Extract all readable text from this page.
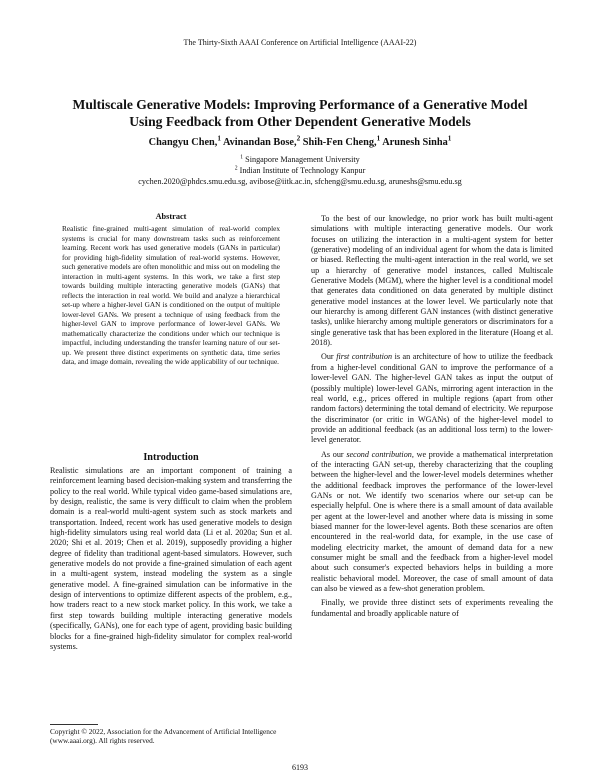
The Thirty-Sixth AAAI Conference on Artificial Intelligence (AAAI-22)
Multiscale Generative Models: Improving Performance of a Generative Model
Using Feedback from Other Dependent Generative Models
Changyu Chen,$^1$ Avinandan Bose,$^2$ Shih-Fen Cheng,$^1$ Arunesh Sinha$^1$
$^1$ Singapore Management University
$^2$ Indian Institute of Technology Kanpur
cychen.2020@phdcs.smu.edu.sg, avibose@iitk.ac.in, sfcheng@smu.edu.sg, aruneshs@smu.edu.sg
Abstract
Realistic fine-grained multi-agent simulation of real-world complex systems is crucial for many downstream tasks such as reinforcement learning. Recent work has used generative models (GANs in particular) for providing high-fidelity simulation of real-world systems. However, such generative models are often monolithic and miss out on modeling the interaction in multi-agent systems. In this work, we take a first step towards building multiple interacting generative models (GANs) that reflects the interaction in real world. We build and analyze a hierarchical set-up where a higher-level GAN is conditioned on the output of multiple lower-level GANs. We present a technique of using feedback from the higher-level GAN to improve performance of lower-level GANs. We mathematically characterize the conditions under which our technique is impactful, including understanding the transfer learning nature of our set-up. We present three distinct experiments on synthetic data, time series data, and image domain, revealing the wide applicability of our technique.
Introduction
Realistic simulations are an important component of training a reinforcement learning based decision-making system and transferring the policy to the real world. While typical video game-based simulations are, by design, realistic, the same is very difficult to claim when the problem domain is a real-world multi-agent system such as stock markets and transportation. Indeed, recent work has used generative models to design high-fidelity simulators using real world data (Li et al. 2020a; Sun et al. 2020; Shi et al. 2019; Chen et al. 2019), supposedly providing a higher degree of fidelity than traditional agent-based simulators. However, such generative models do not provide a fine-grained simulation of each agent in a multi-agent system, instead modeling the system as a single generative model. A fine-grained simulation can be informative in the design of interventions to optimize different aspects of the problem, e.g., how traders react to a new stock market policy. In this work, we take a first step towards building multiple interacting generative models (specifically, GANs), one for each type of agent, providing basic building blocks for a fine-grained high-fidelity simulator for complex real-world systems.
Copyright © 2022, Association for the Advancement of Artificial Intelligence (www.aaai.org). All rights reserved.

To the best of our knowledge, no prior work has built multi-agent simulations with multiple interacting generative models. Our work focuses on utilizing the interaction in a multi-agent system for better (generative) modeling of an individual agent for whom the data is limited or biased. Reflecting the multi-agent interaction in the real world, we set up a hierarchy of generative model instances, called Multiscale Generative Models (MGM), where the higher level is a conditional model that generates data conditioned on data generated by multiple distinct generative model instances at the lower level. We particularly note that our hierarchy is among different GAN instances (with distinct generative tasks), unlike hierarchy among multiple generators or discriminators for a single generative task that has been explored in the literature (Hoang et al. 2018).

Our first contribution is an architecture of how to utilize the feedback from a higher-level conditional GAN to improve the performance of a lower-level GAN. The higher-level GAN takes as input the output of (possibly multiple) lower-level GANs, mirroring agent interaction in the real world, e.g., prices offered in multiple regions (apart from other random factors) determining the total demand of electricity. We repurpose the discriminator (or critic in WGANs) of the higher-level model to provide an additional feedback (as an additional loss term) to the lower-level generator.

As our second contribution, we provide a mathematical interpretation of the interacting GAN set-up, thereby characterizing that the coupling between the higher-level and the lower-level models determines whether the additional feedback improves the performance of the lower-level GANs or not. We identify two scenarios where our set-up can be especially helpful. One is where there is a small amount of data available per agent at the lower-level and another where data is missing in some biased manner for the lower-level agents. Both these scenarios are often encountered in the real-world data, for example, in the use case of modeling electricity market, the amount of demand data for a new consumer might be small and the feedback from a higher-level model about such consumer's expected behaviors helps in building a more realistic behavioral model. Moreover, the case of small amount of data can also be viewed as a few-shot generation problem.

Finally, we provide three distinct sets of experiments revealing the fundamental and broadly applicable nature of

6193
